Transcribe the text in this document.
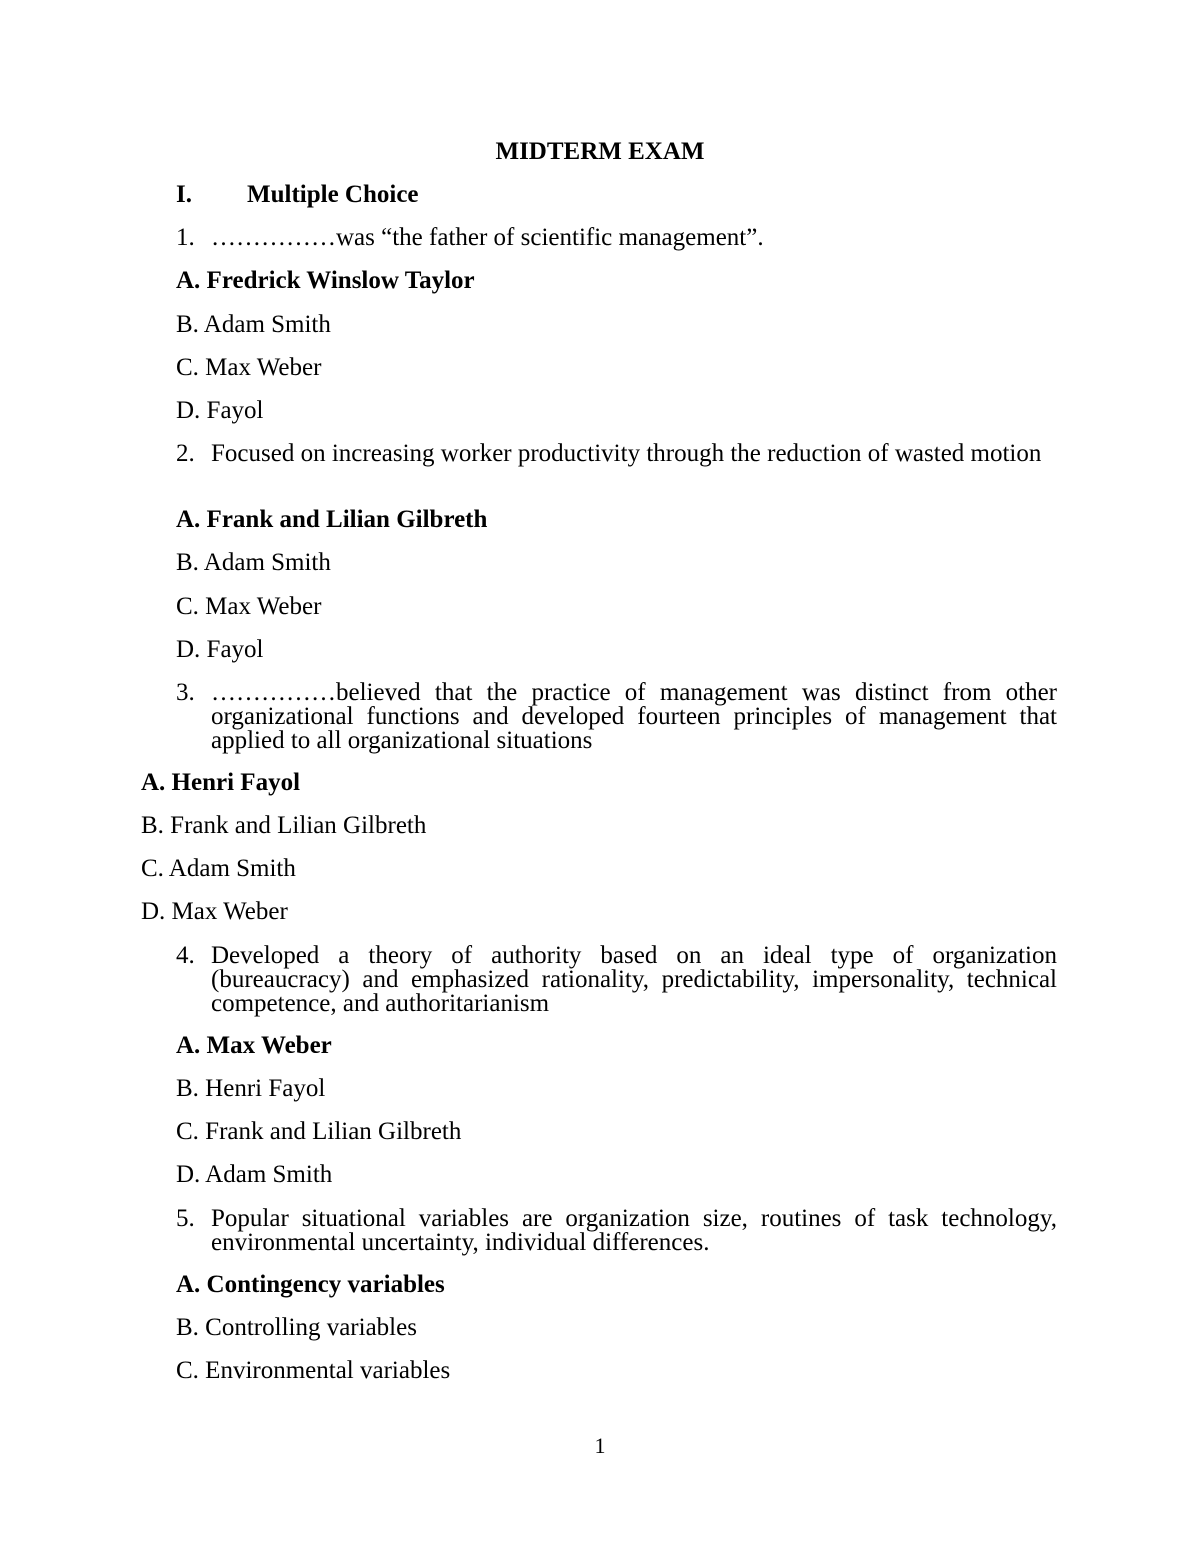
MIDTERM EXAM
I. Multiple Choice
1. ……………was “the father of scientific management”.
A. Fredrick Winslow Taylor
B. Adam Smith
C. Max Weber
D. Fayol
2. Focused on increasing worker productivity through the reduction of wasted motion
A. Frank and Lilian Gilbreth
B. Adam Smith
C. Max Weber
D. Fayol
3. ……………believed that the practice of management was distinct from other organizational functions and developed fourteen principles of management that applied to all organizational situations
A. Henri Fayol
B. Frank and Lilian Gilbreth
C. Adam Smith
D. Max Weber
4. Developed a theory of authority based on an ideal type of organization (bureaucracy) and emphasized rationality, predictability, impersonality, technical competence, and authoritarianism
A. Max Weber
B. Henri Fayol
C. Frank and Lilian Gilbreth
D. Adam Smith
5. Popular situational variables are organization size, routines of task technology, environmental uncertainty, individual differences.
A. Contingency variables
B. Controlling variables
C. Environmental variables
1
